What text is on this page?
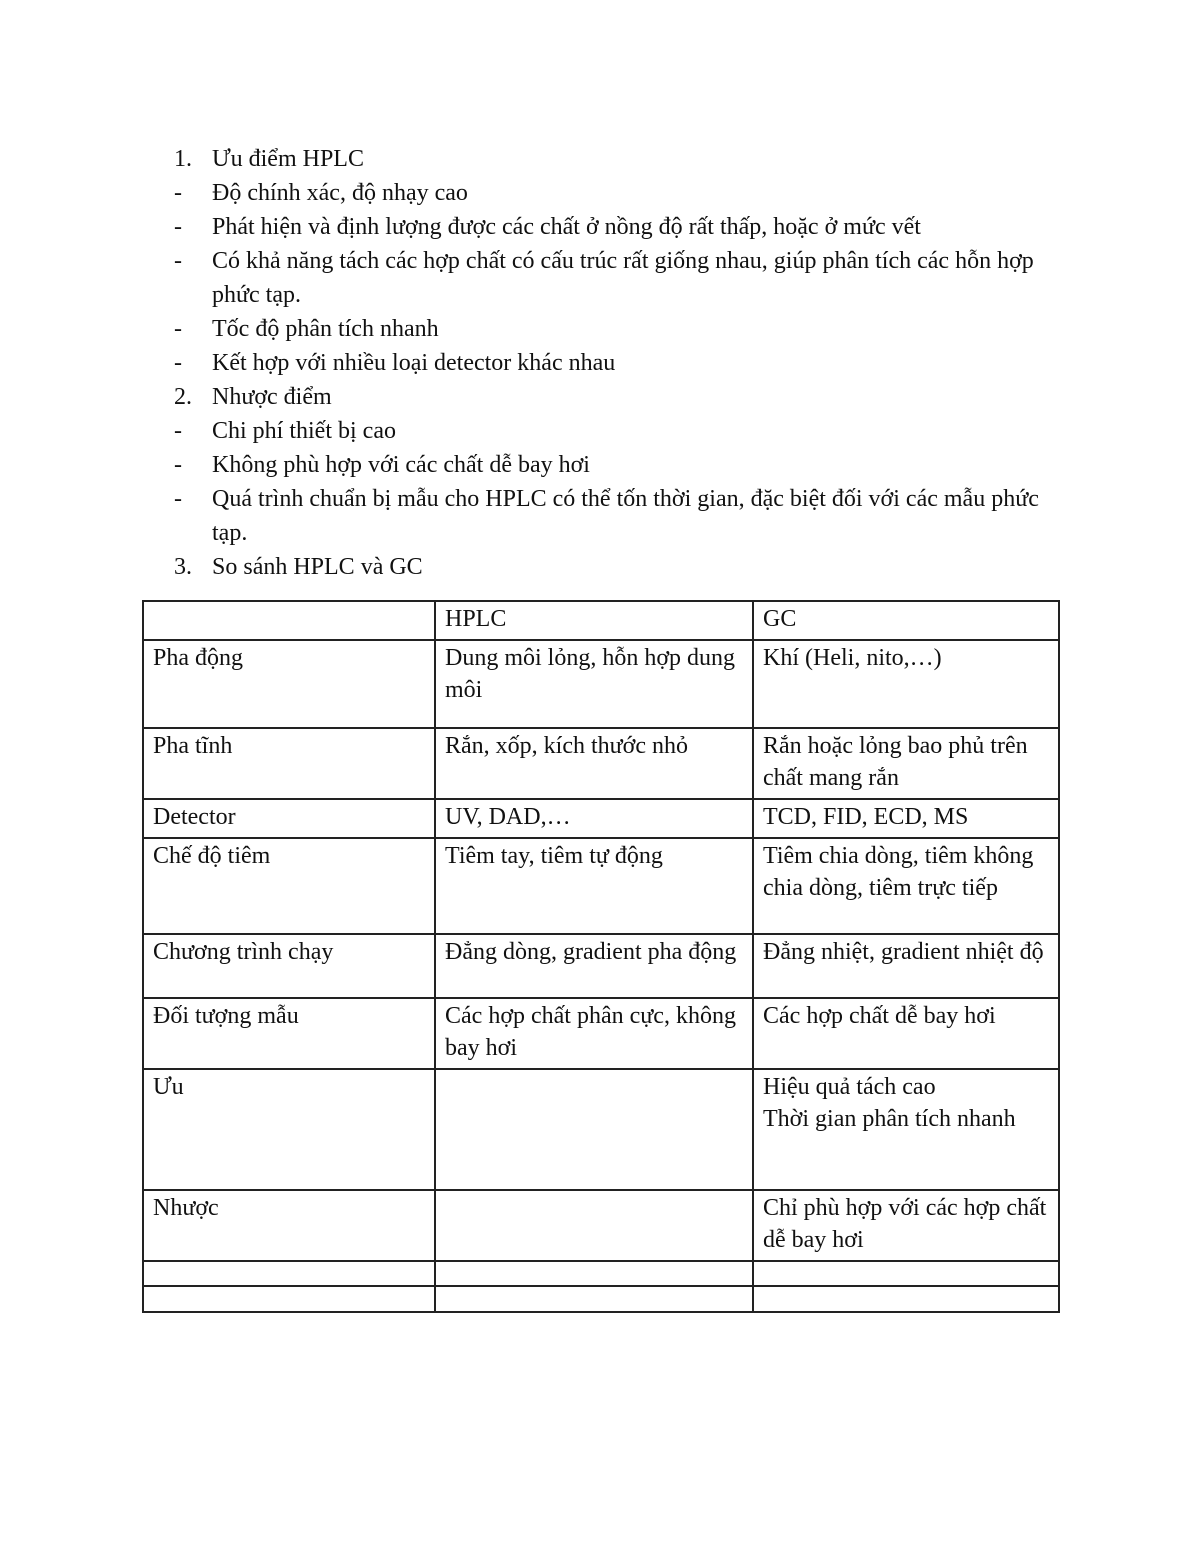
1. Ưu điểm HPLC
-	Độ chính xác, độ nhạy cao
-	Phát hiện và định lượng được các chất ở nồng độ rất thấp, hoặc ở mức vết
-	Có khả năng tách các hợp chất có cấu trúc rất giống nhau, giúp phân tích các hỗn hợp phức tạp.
-	Tốc độ phân tích nhanh
-	Kết hợp với nhiều loại detector khác nhau
2. Nhược điểm
-	Chi phí thiết bị cao
-	Không phù hợp với các chất dễ bay hơi
-	Quá trình chuẩn bị mẫu cho HPLC có thể tốn thời gian, đặc biệt đối với các mẫu phức tạp.
3. So sánh HPLC và GC
	HPLC	GC
Pha động	Dung môi lỏng, hỗn hợp dung môi	Khí (Heli, nito,…)
Pha tĩnh	Rắn, xốp, kích thước nhỏ	Rắn hoặc lỏng bao phủ trên chất mang rắn
Detector	UV, DAD,…	TCD, FID, ECD, MS
Chế độ tiêm	Tiêm tay, tiêm tự động	Tiêm chia dòng, tiêm không chia dòng, tiêm trực tiếp
Chương trình chạy	Đẳng dòng, gradient pha động	Đẳng nhiệt, gradient nhiệt độ
Đối tượng mẫu	Các hợp chất phân cực, không bay hơi	Các hợp chất dễ bay hơi
Ưu		Hiệu quả tách cao
Thời gian phân tích nhanh

Nhược		Chỉ phù hợp với các hợp chất dễ bay hơi
